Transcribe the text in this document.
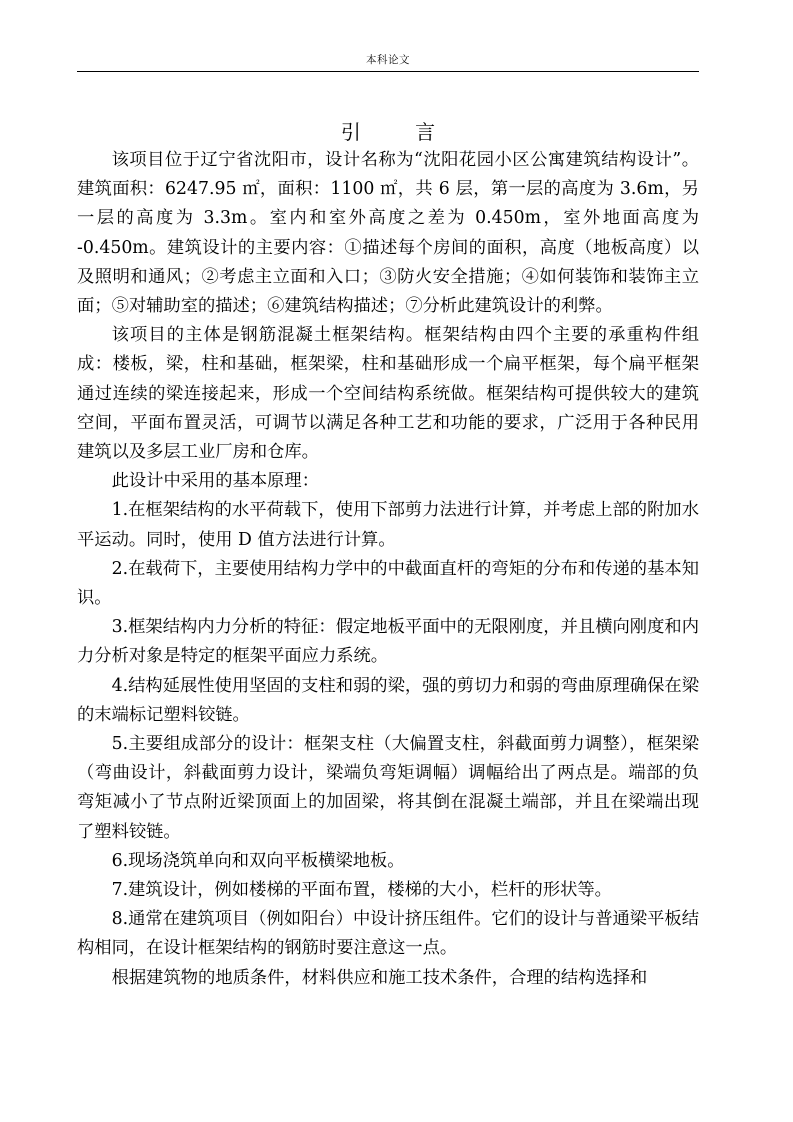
本科论文
引 言

该项目位于辽宁省沈阳市，设计名称为“沈阳花园小区公寓建筑结构设计”。建筑面积：6247.95 ㎡，面积：1100 ㎡，共 6 层，第一层的高度为 3.6m，另一层的高度为 3.3m。室内和室外高度之差为 0.450m，室外地面高度为 -0.450m。建筑设计的主要内容：①描述每个房间的面积，高度（地板高度）以及照明和通风；②考虑主立面和入口；③防火安全措施；④如何装饰和装饰主立面；⑤对辅助室的描述；⑥建筑结构描述；⑦分析此建筑设计的利弊。

该项目的主体是钢筋混凝土框架结构。框架结构由四个主要的承重构件组成：楼板，梁，柱和基础，框架梁，柱和基础形成一个扁平框架，每个扁平框架通过连续的梁连接起来，形成一个空间结构系统做。框架结构可提供较大的建筑空间，平面布置灵活，可调节以满足各种工艺和功能的要求，广泛用于各种民用建筑以及多层工业厂房和仓库。

此设计中采用的基本原理：

1.在框架结构的水平荷载下，使用下部剪力法进行计算，并考虑上部的附加水平运动。同时，使用 D 值方法进行计算。

2.在载荷下，主要使用结构力学中的中截面直杆的弯矩的分布和传递的基本知识。

3.框架结构内力分析的特征：假定地板平面中的无限刚度，并且横向刚度和内力分析对象是特定的框架平面应力系统。

4.结构延展性使用坚固的支柱和弱的梁，强的剪切力和弱的弯曲原理确保在梁的末端标记塑料铰链。

5.主要组成部分的设计：框架支柱（大偏置支柱，斜截面剪力调整），框架梁（弯曲设计，斜截面剪力设计，梁端负弯矩调幅）调幅给出了两点是。端部的负弯矩减小了节点附近梁顶面上的加固梁，将其倒在混凝土端部，并且在梁端出现了塑料铰链。

6.现场浇筑单向和双向平板横梁地板。

7.建筑设计，例如楼梯的平面布置，楼梯的大小，栏杆的形状等。

8.通常在建筑项目（例如阳台）中设计挤压组件。它们的设计与普通梁平板结构相同，在设计框架结构的钢筋时要注意这一点。

根据建筑物的地质条件，材料供应和施工技术条件，合理的结构选择和
